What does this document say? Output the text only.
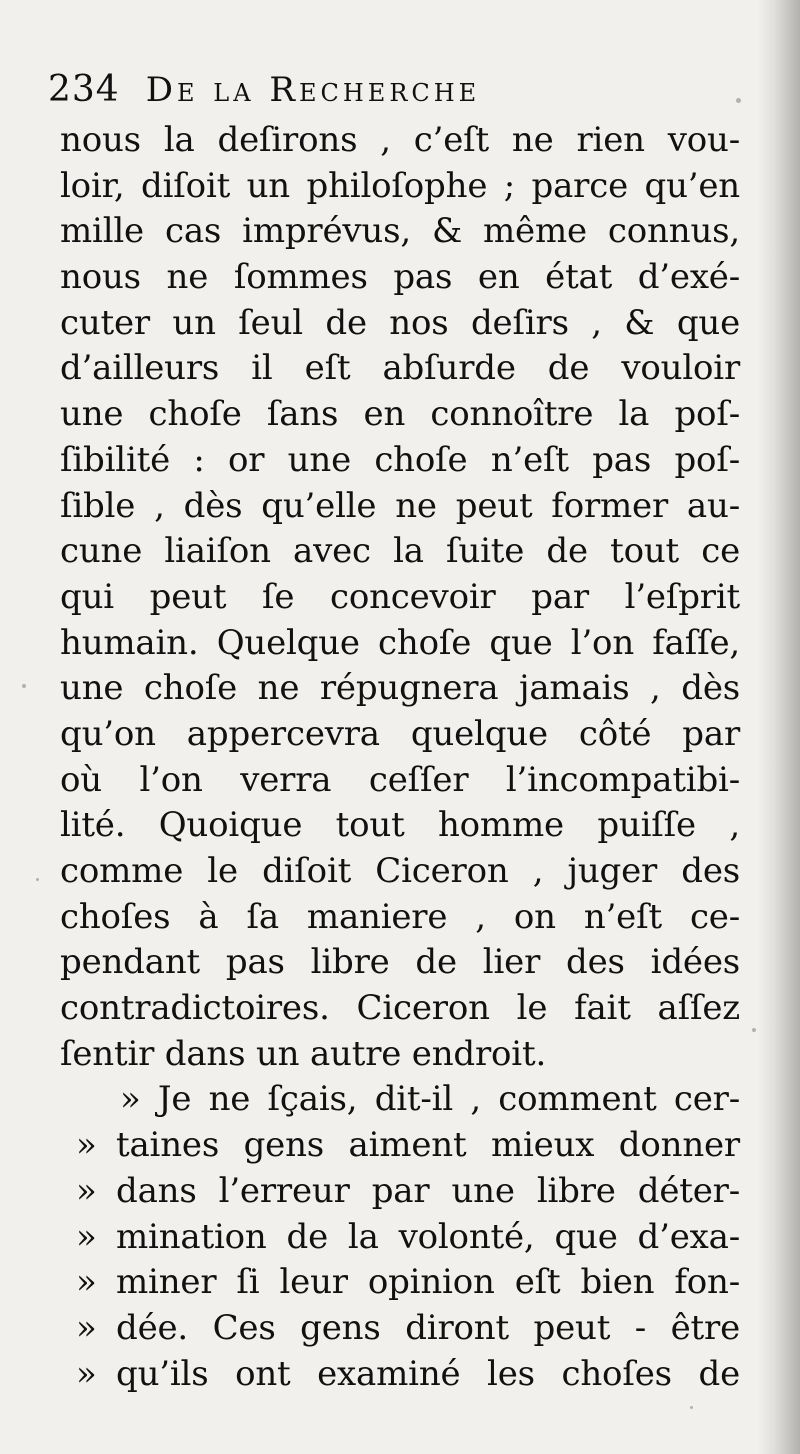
234 De la Recherche
nous la deſirons , c’eſt ne rien vou-
loir, diſoit un philoſophe ; parce qu’en
mille cas imprévus, & même connus,
nous ne ſommes pas en état d’exé-
cuter un ſeul de nos deſirs , & que
d’ailleurs il eſt abſurde de vouloir
une choſe ſans en connoître la poſ-
ſibilité : or une choſe n’eſt pas poſ-
ſible , dès qu’elle ne peut former au-
cune liaiſon avec la ſuite de tout ce
qui peut ſe concevoir par l’eſprit
humain. Quelque choſe que l’on faſſe,
une choſe ne répugnera jamais , dès
qu’on appercevra quelque côté par
où l’on verra ceſſer l’incompatibi-
lité. Quoique tout homme puiſſe ,
comme le diſoit Ciceron , juger des
choſes à ſa maniere , on n’eſt ce-
pendant pas libre de lier des idées
contradictoires. Ciceron le fait aſſez
ſentir dans un autre endroit.
» Je ne ſçais, dit-il , comment cer-
» taines gens aiment mieux donner
» dans l’erreur par une libre déter-
» mination de la volonté, que d’exa-
» miner ſi leur opinion eſt bien fon-
» dée. Ces gens diront peut - être
» qu’ils ont examiné les choſes de
